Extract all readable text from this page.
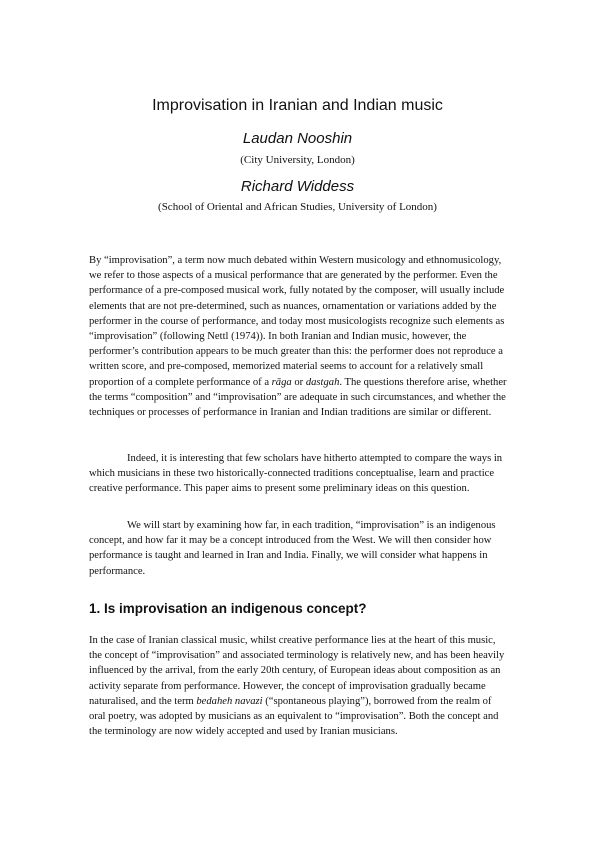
Improvisation in Iranian and Indian music
Laudan Nooshin
(City University, London)
Richard Widdess
(School of Oriental and African Studies, University of London)

By “improvisation”, a term now much debated within Western musicology and ethnomusicology, we refer to those aspects of a musical performance that are generated by the performer. Even the performance of a pre-composed musical work, fully notated by the composer, will usually include elements that are not pre-determined, such as nuances, ornamentation or variations added by the performer in the course of performance, and today most musicologists recognize such elements as “improvisation” (following Nettl (1974)). In both Iranian and Indian music, however, the performer’s contribution appears to be much greater than this: the performer does not reproduce a written score, and pre-composed, memorized material seems to account for a relatively small proportion of a complete performance of a rāga or dastgah. The questions therefore arise, whether the terms “composition” and “improvisation” are adequate in such circumstances, and whether the techniques or processes of performance in Iranian and Indian traditions are similar or different.

Indeed, it is interesting that few scholars have hitherto attempted to compare the ways in which musicians in these two historically-connected traditions conceptualise, learn and practice creative performance. This paper aims to present some preliminary ideas on this question.

We will start by examining how far, in each tradition, “improvisation” is an indigenous concept, and how far it may be a concept introduced from the West. We will then consider how performance is taught and learned in Iran and India. Finally, we will consider what happens in performance.

1. Is improvisation an indigenous concept?

In the case of Iranian classical music, whilst creative performance lies at the heart of this music, the concept of “improvisation” and associated terminology is relatively new, and has been heavily influenced by the arrival, from the early 20th century, of European ideas about composition as an activity separate from performance. However, the concept of improvisation gradually became naturalised, and the term bedaheh navazi (“spontaneous playing”), borrowed from the realm of oral poetry, was adopted by musicians as an equivalent to “improvisation”. Both the concept and the terminology are now widely accepted and used by Iranian musicians.
